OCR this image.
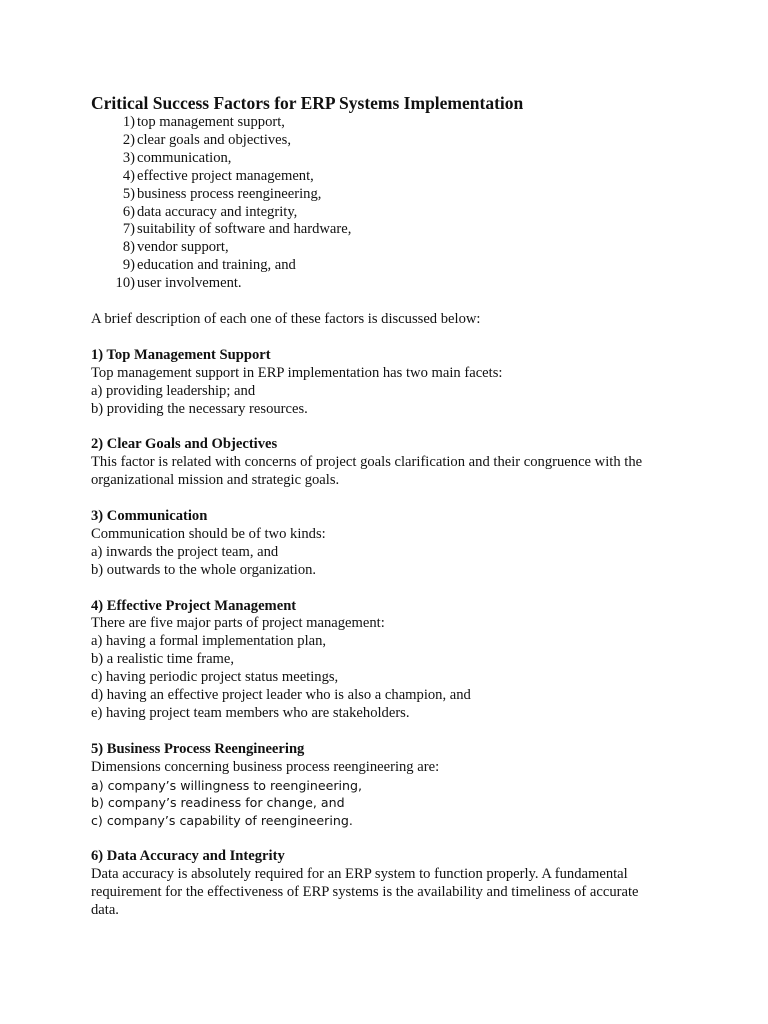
Critical Success Factors for ERP Systems Implementation
1) top management support,
2) clear goals and objectives,
3) communication,
4) effective project management,
5) business process reengineering,
6) data accuracy and integrity,
7) suitability of software and hardware,
8) vendor support,
9) education and training, and
10) user involvement.

A brief description of each one of these factors is discussed below:

1) Top Management Support
Top management support in ERP implementation has two main facets:
a) providing leadership; and
b) providing the necessary resources.
2) Clear Goals and Objectives
This factor is related with concerns of project goals clarification and their congruence with the
organizational mission and strategic goals.
3) Communication
Communication should be of two kinds:
a) inwards the project team, and
b) outwards to the whole organization.
4) Effective Project Management
There are five major parts of project management:
a) having a formal implementation plan,
b) a realistic time frame,
c) having periodic project status meetings,
d) having an effective project leader who is also a champion, and
e) having project team members who are stakeholders.
5) Business Process Reengineering
Dimensions concerning business process reengineering are:
a) company’s willingness to reengineering,
b) company’s readiness for change, and
c) company’s capability of reengineering.
6) Data Accuracy and Integrity
Data accuracy is absolutely required for an ERP system to function properly. A fundamental
requirement for the effectiveness of ERP systems is the availability and timeliness of accurate
data.
